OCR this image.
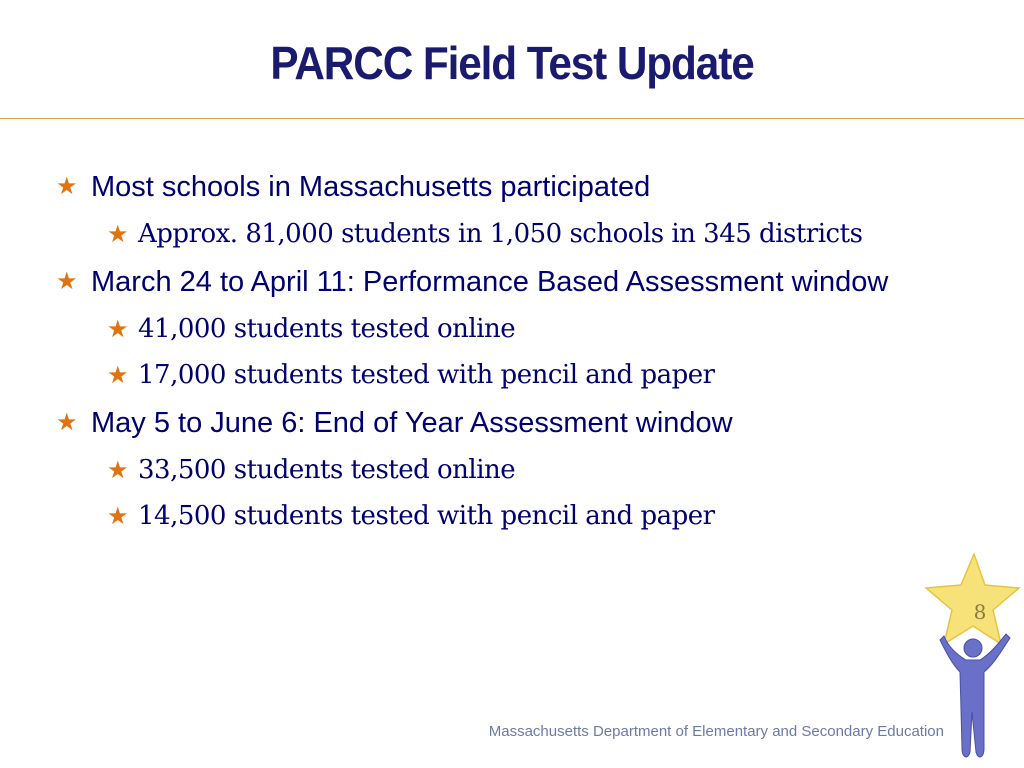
PARCC Field Test Update
★ Most schools in Massachusetts participated
★ Approx. 81,000 students in 1,050 schools in 345 districts
★ March 24 to April 11: Performance Based Assessment window
★ 41,000 students tested online
★ 17,000 students tested with pencil and paper
★ May 5 to June 6: End of Year Assessment window
★ 33,500 students tested online
★ 14,500 students tested with pencil and paper
8
Massachusetts Department of Elementary and Secondary Education
